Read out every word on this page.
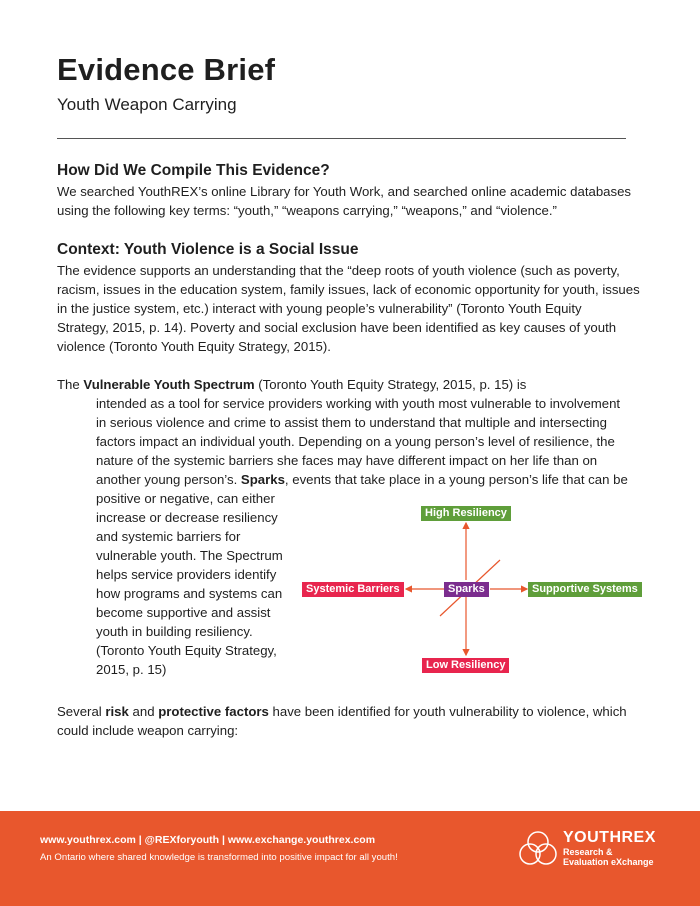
Evidence Brief
Youth Weapon Carrying
How Did We Compile This Evidence?

We searched YouthREX’s online Library for Youth Work, and searched online academic databases

using the following key terms: “youth,” “weapons carrying,” “weapons,” and “violence.”

Context: Youth Violence is a Social Issue

The evidence supports an understanding that the “deep roots of youth violence (such as poverty,

racism, issues in the education system, family issues, lack of economic opportunity for youth, issues

in the justice system, etc.) interact with young people’s vulnerability” (Toronto Youth Equity

Strategy, 2015, p. 14). Poverty and social exclusion have been identified as key causes of youth

violence (Toronto Youth Equity Strategy, 2015).

The Vulnerable Youth Spectrum (Toronto Youth Equity Strategy, 2015, p. 15) is

intended as a tool for service providers working with youth most vulnerable to involvement

in serious violence and crime to assist them to understand that multiple and intersecting

factors impact an individual youth. Depending on a young person’s level of resilience, the

nature of the systemic barriers she faces may have different impact on her life than on

another young person’s. Sparks, events that take place in a young person’s life that can be

positive or negative, can either

increase or decrease resiliency

and systemic barriers for

vulnerable youth. The Spectrum

helps service providers identify

how programs and systems can

become supportive and assist

youth in building resiliency.

(Toronto Youth Equity Strategy,

2015, p. 15)

High Resiliency
Systemic Barriers	Sparks	Supportive Systems
Low Resiliency

Several risk and protective factors have been identified for youth vulnerability to violence, which

could include weapon carrying:

www.youthrex.com | @REXforyouth | www.exchange.youthrex.com
An Ontario where shared knowledge is transformed into positive impact for all youth!
YOUTHREX
Research &
Evaluation eXchange
